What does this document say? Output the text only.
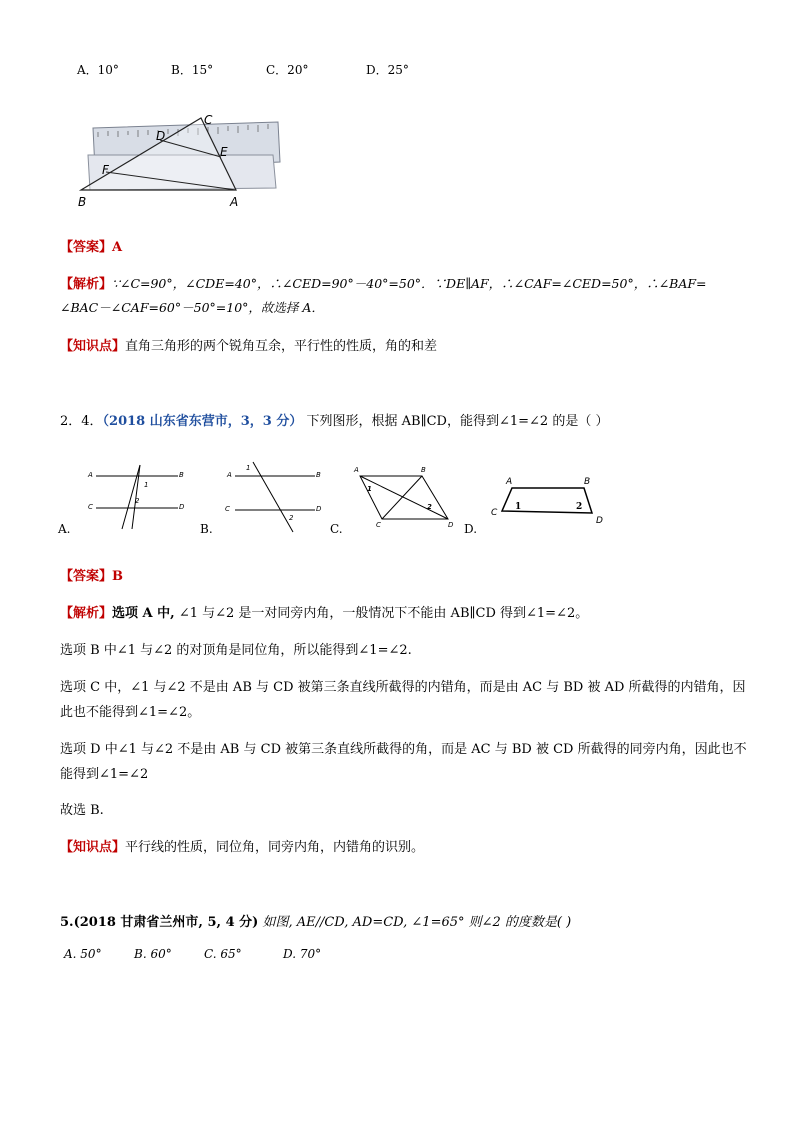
A．10°	B．15°	C．20°	D．25°
C
D
E
F
B	A
【答案】A
【解析】∵∠C=90°，∠CDE=40°，∴∠CED=90°－40°=50°．∵DE∥AF，∴∠CAF=∠CED=50°，∴∠BAF=
∠BAC－∠CAF=60°－50°=10°，故选择 A．
【知识点】直角三角形的两个锐角互余，平行性的性质，角的和差
2．4．（2018 山东省东营市，3，3 分） 下列图形，根据 AB∥CD，能得到∠1=∠2 的是（ ）
A	B
C	D
1
2
A.
A	B
C	D
1
2
B.
A	B
C	D
1
2
C.
A	B
C
D
1	2
D.
【答案】B
【解析】选项 A 中, ∠1 与∠2 是一对同旁内角，一般情况下不能由 AB∥CD 得到∠1=∠2。
选项 B 中∠1 与∠2 的对顶角是同位角，所以能得到∠1=∠2.
选项 C 中，∠1 与∠2 不是由 AB 与 CD 被第三条直线所截得的内错角，而是由 AC 与 BD 被 AD 所截得的内错角，因
此也不能得到∠1=∠2。
选项 D 中∠1 与∠2 不是由 AB 与 CD 被第三条直线所截得的角，而是 AC 与 BD 被 CD 所截得的同旁内角，因此也不
能得到∠1=∠2
故选 B.
【知识点】平行线的性质，同位角，同旁内角，内错角的识别。
5.(2018 甘肃省兰州市, 5, 4 分) 如图, AE//CD, AD=CD, ∠1=65° 则∠2 的度数是( )
A. 50°	B. 60°	C. 65°	D. 70°
